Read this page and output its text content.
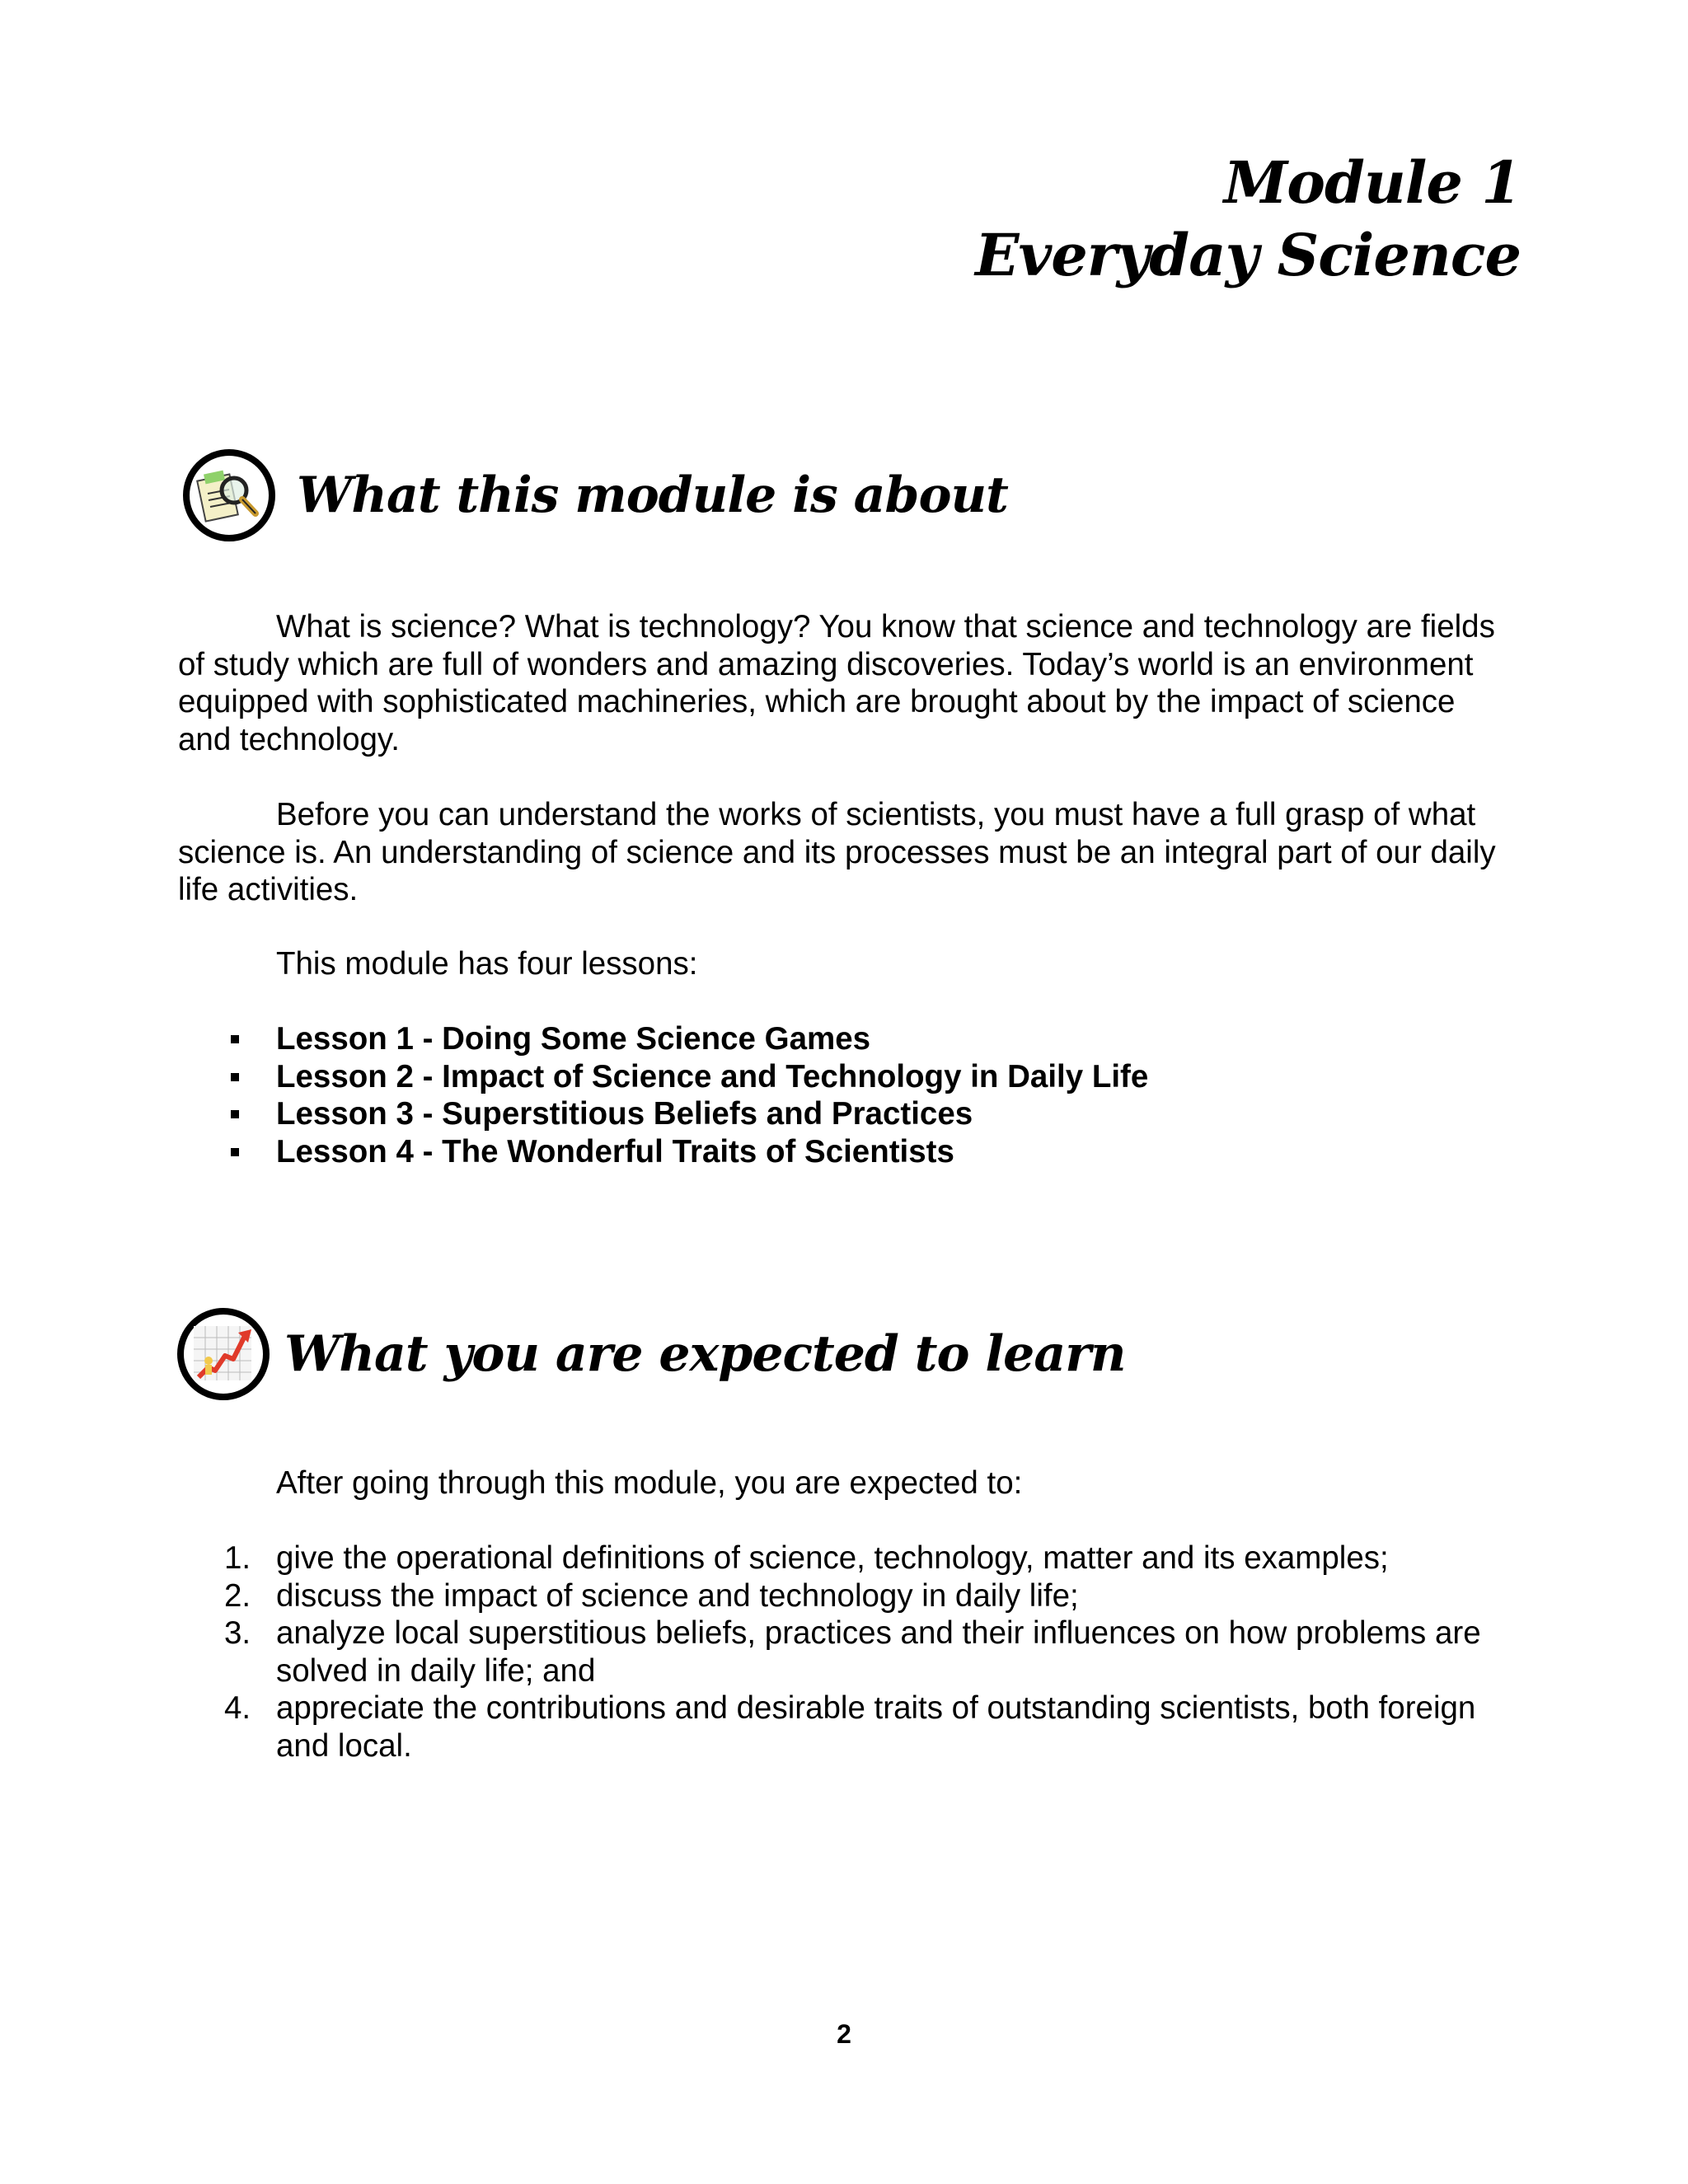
Module 1
Everyday Science
What this module is about

What is science? What is technology? You know that science and technology are fields of study which are full of wonders and amazing discoveries. Today’s world is an environment equipped with sophisticated machineries, which are brought about by the impact of science and technology.

Before you can understand the works of scientists, you must have a full grasp of what science is. An understanding of science and its processes must be an integral part of our daily life activities.

This module has four lessons:

Lesson 1 - Doing Some Science Games
Lesson 2 - Impact of Science and Technology in Daily Life
Lesson 3 - Superstitious Beliefs and Practices
Lesson 4 - The Wonderful Traits of Scientists
What you are expected to learn

After going through this module, you are expected to:

1. give the operational definitions of science, technology, matter and its examples;
2. discuss the impact of science and technology in daily life;
3. analyze local superstitious beliefs, practices and their influences on how problems are solved in daily life; and
4. appreciate the contributions and desirable traits of outstanding scientists, both foreign and local.
2
